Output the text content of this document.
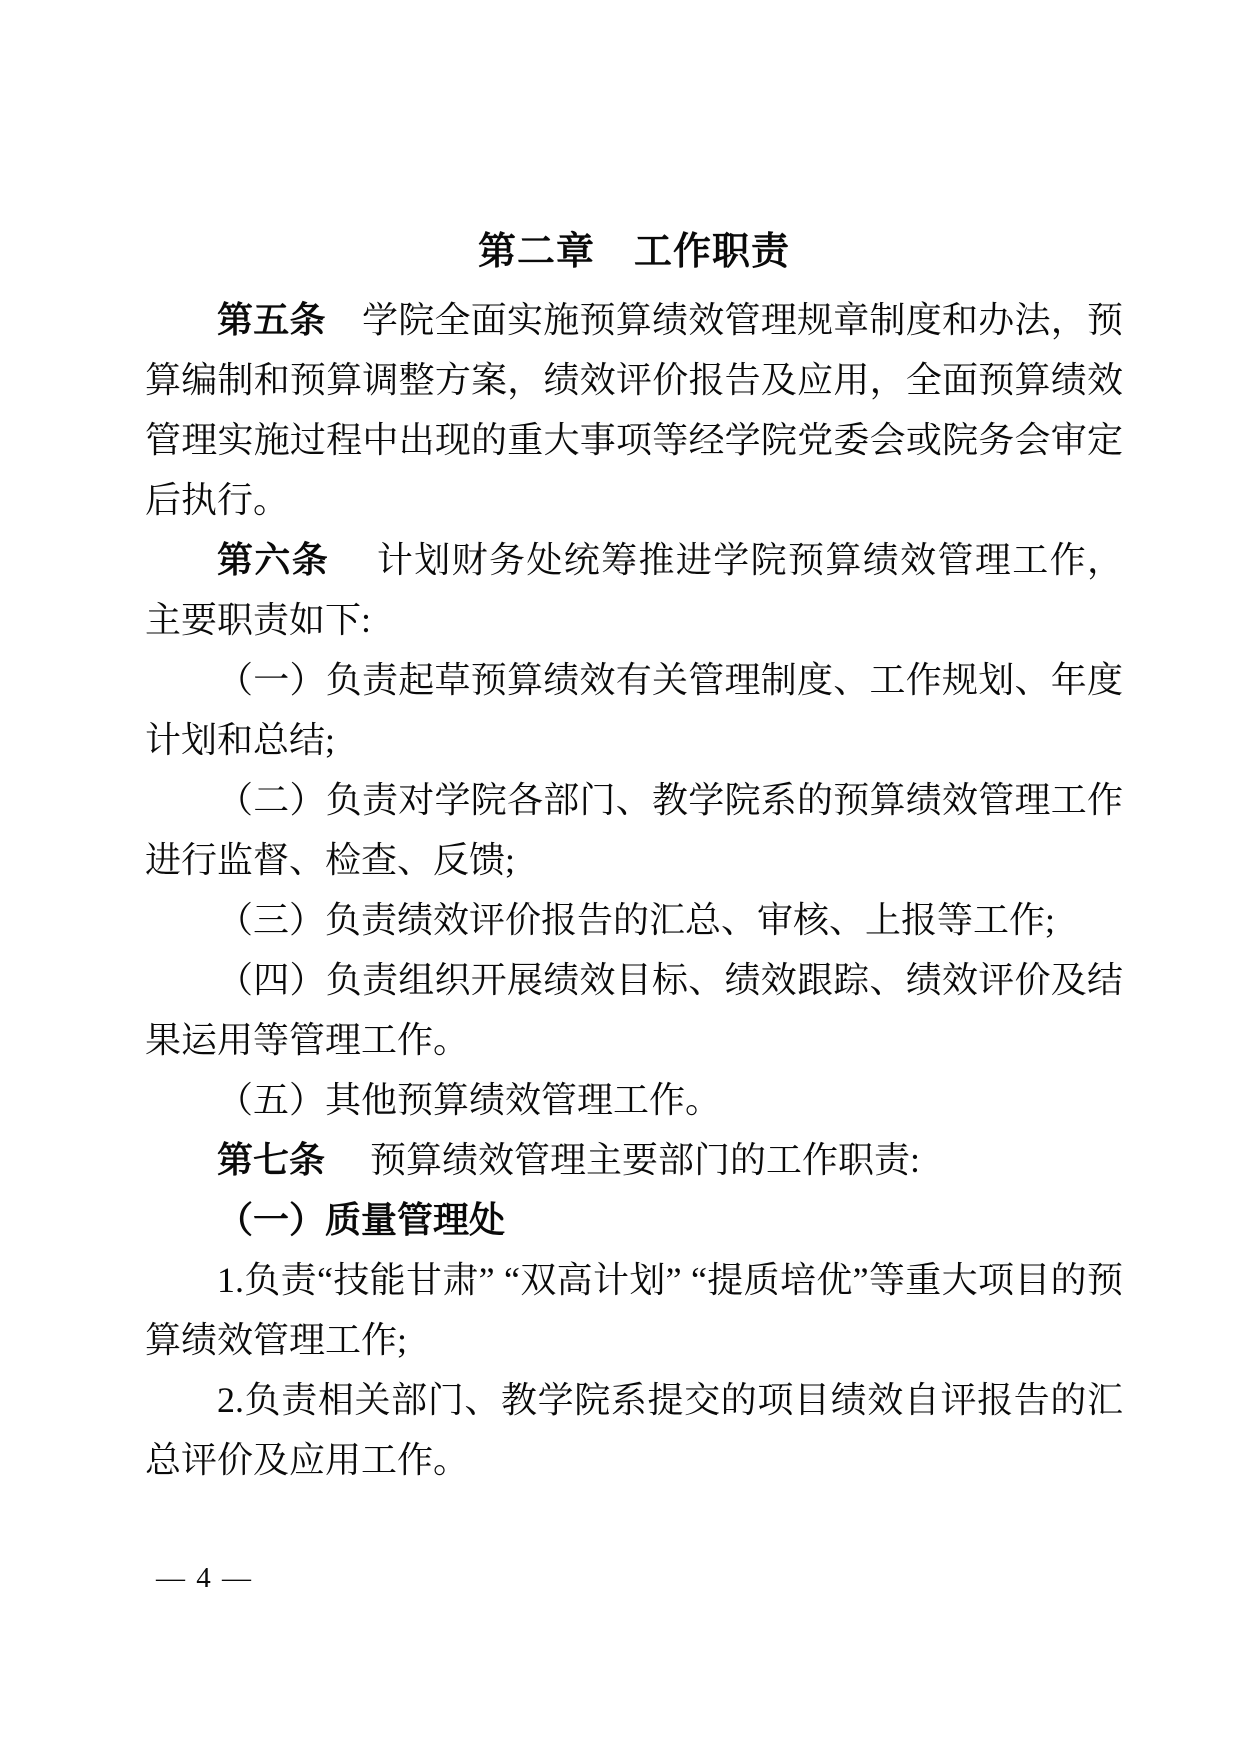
第二章　工作职责

第五条　学院全面实施预算绩效管理规章制度和办法，预算编制和预算调整方案，绩效评价报告及应用，全面预算绩效管理实施过程中出现的重大事项等经学院党委会或院务会审定后执行。

第六条　 计划财务处统筹推进学院预算绩效管理工作，主要职责如下:

（一）负责起草预算绩效有关管理制度、工作规划、年度计划和总结;

（二）负责对学院各部门、教学院系的预算绩效管理工作进行监督、检查、反馈;

（三）负责绩效评价报告的汇总、审核、上报等工作;

（四）负责组织开展绩效目标、绩效跟踪、绩效评价及结果运用等管理工作。

（五）其他预算绩效管理工作。

第七条　 预算绩效管理主要部门的工作职责:

（一）质量管理处

1.负责“技能甘肃” “双高计划” “提质培优”等重大项目的预算绩效管理工作;

2.负责相关部门、教学院系提交的项目绩效自评报告的汇总评价及应用工作。

— 4 —
